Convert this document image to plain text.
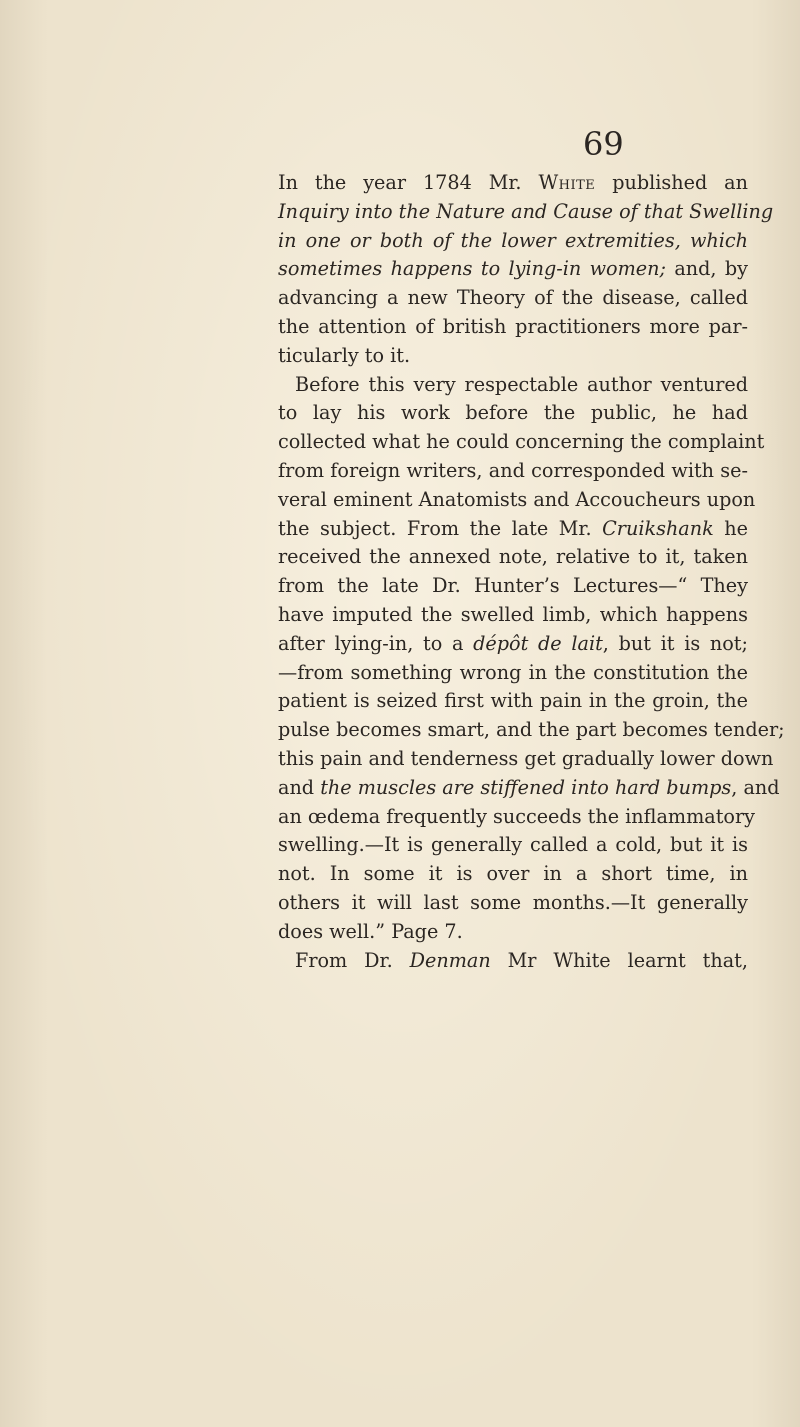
69
In the year 1784 Mr. White published an
Inquiry into the Nature and Cause of that Swelling
in one or both of the lower extremities, which
sometimes happens to lying-in women; and, by
advancing a new Theory of the disease, called
the attention of british practitioners more par-
ticularly to it.
Before this very respectable author ventured
to lay his work before the public, he had
collected what he could concerning the complaint
from foreign writers, and corresponded with se-
veral eminent Anatomists and Accoucheurs upon
the subject. From the late Mr. Cruikshank he
received the annexed note, relative to it, taken
from the late Dr. Hunter’s Lectures—“ They
have imputed the swelled limb, which happens
after lying-in, to a dépôt de lait, but it is not;
—from something wrong in the constitution the
patient is seized first with pain in the groin, the
pulse becomes smart, and the part becomes tender;
this pain and tenderness get gradually lower down
and the muscles are stiffened into hard bumps, and
an œdema frequently succeeds the inflammatory
swelling.—It is generally called a cold, but it is
not. In some it is over in a short time, in
others it will last some months.—It generally
does well.” Page 7.
From Dr. Denman Mr White learnt that,
